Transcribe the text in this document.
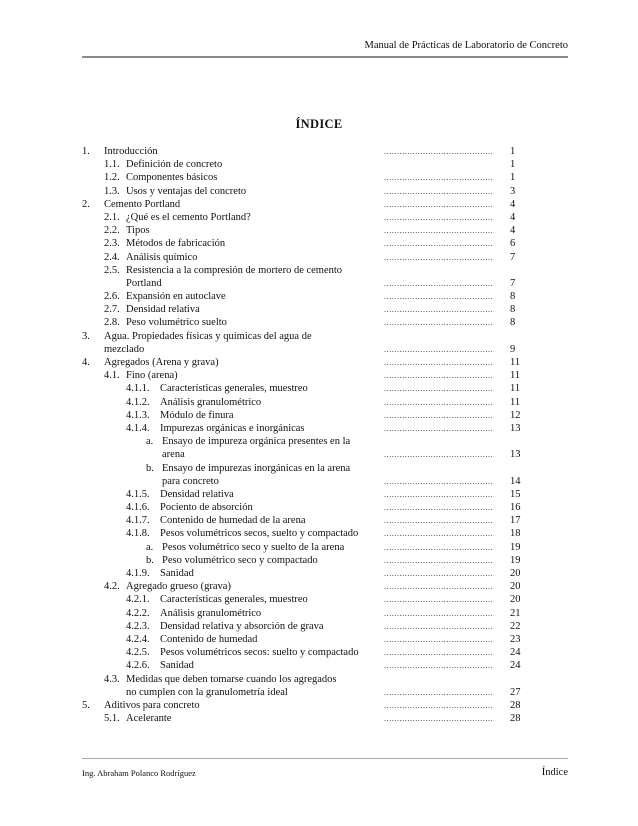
Manual de Prácticas de Laboratorio de Concreto
ÍNDICE
1. Introducción	..........................................	1
1.1. Definición de concreto	1
1.2. Componentes básicos	..........................................	1
1.3. Usos y ventajas del concreto	..........................................	3
2. Cemento Portland	..........................................	4
2.1. ¿Qué es el cemento Portland?	..........................................	4
2.2. Tipos	..........................................	4
2.3. Métodos de fabricación	..........................................	6
2.4. Análisis químico	..........................................	7
2.5. Resistencia a la compresión de mortero de cemento
Portland	..........................................	7
2.6. Expansión en autoclave	..........................................	8
2.7. Densidad relativa	..........................................	8
2.8. Peso volumétrico suelto	..........................................	8
3. Agua. Propiedades físicas y químicas del agua de
mezclado	..........................................	9
4. Agregados (Arena y grava)	..........................................	11
4.1. Fino (arena)	..........................................	11
4.1.1. Características generales, muestreo	..........................................	11
4.1.2. Análisis granulométrico	..........................................	11
4.1.3. Módulo de finura	..........................................	12
4.1.4. Impurezas orgánicas e inorgánicas	..........................................	13
a. Ensayo de impureza orgánica presentes en la
arena	..........................................	13
b. Ensayo de impurezas inorgánicas en la arena
para concreto	..........................................	14
4.1.5. Densidad relativa	..........................................	15
4.1.6. Pociento de absorción	..........................................	16
4.1.7. Contenido de humedad de la arena	..........................................	17
4.1.8. Pesos volumétricos secos, suelto y compactado	..........................................	18
a. Pesos volumétrico seco y suelto de la arena	..........................................	19
b. Peso volumétrico seco y compactado	..........................................	19
4.1.9. Sanidad	..........................................	20
4.2. Agregado grueso (grava)	..........................................	20
4.2.1. Características generales, muestreo	..........................................	20
4.2.2. Análisis granulométrico	..........................................	21
4.2.3. Densidad relativa y absorción de grava	..........................................	22
4.2.4. Contenido de humedad	..........................................	23
4.2.5. Pesos volumétricos secos: suelto y compactado	..........................................	24
4.2.6. Sanidad	..........................................	24
4.3. Medidas que deben tomarse cuando los agregados
no cumplen con la granulometría ideal	..........................................	27
5. Aditivos para concreto	..........................................	28
5.1. Acelerante	..........................................	28
Ing. Abraham Polanco Rodríguez	Índice
